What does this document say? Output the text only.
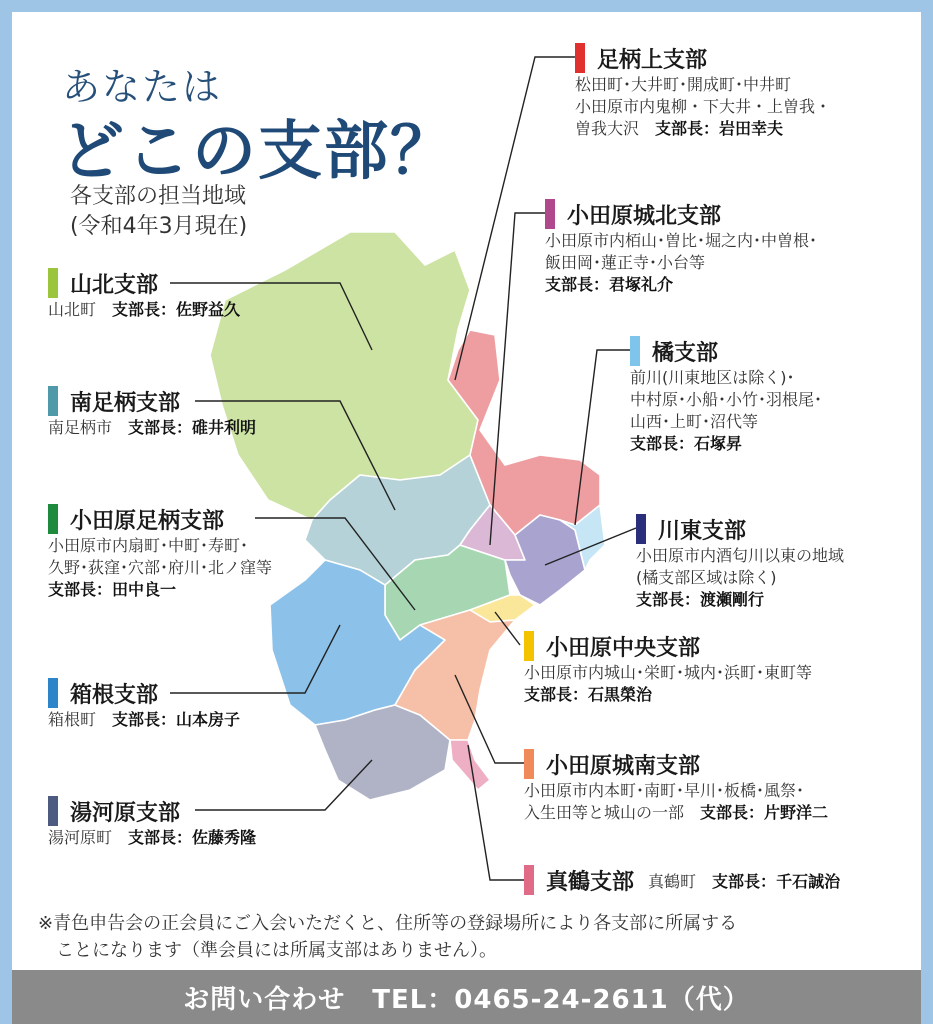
あなたは
どこの支部？
各支部の担当地域
(令和4年3月現在)
足柄上支部
松田町･大井町･開成町･中井町
小田原市内鬼柳・下大井・上曽我・
曽我大沢　 支部長：岩田幸夫
小田原城北支部
小田原市内栢山･曽比･堀之内･中曽根･
飯田岡･蓮正寺･小台等
支部長：君塚礼介
橘支部
前川(川東地区は除く)･
中村原･小船･小竹･羽根尾･
山西･上町･沼代等
支部長：石塚昇
川東支部
小田原市内酒匂川以東の地域
(橘支部区域は除く)
支部長：渡瀬剛行
小田原中央支部
小田原市内城山･栄町･城内･浜町･東町等
支部長：石黒榮治
小田原城南支部
小田原市内本町･南町･早川･板橋･風祭･
入生田等と城山の一部　 支部長：片野洋二
真鶴支部 真鶴町　 支部長：千石誠治
山北支部
山北町　 支部長：佐野益久
南足柄支部
南足柄市　 支部長：碓井利明
小田原足柄支部
小田原市内扇町･中町･寿町･
久野･荻窪･穴部･府川･北ノ窪等
支部長：田中良一
箱根支部
箱根町　 支部長：山本房子
湯河原支部
湯河原町　 支部長：佐藤秀隆
※青色申告会の正会員にご入会いただくと、住所等の登録場所により各支部に所属する
ことになります（準会員には所属支部はありません）。
お問い合わせ　TEL：0465-24-2611（代）
